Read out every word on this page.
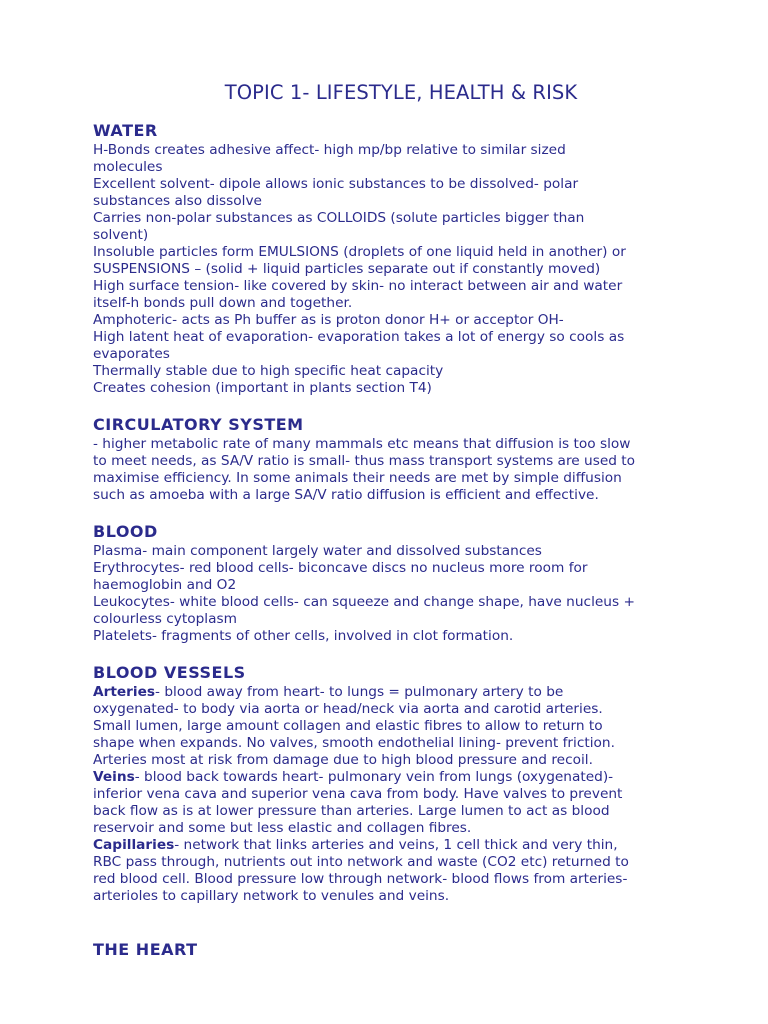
TOPIC 1- LIFESTYLE, HEALTH & RISK
WATER

H-Bonds creates adhesive affect- high mp/bp relative to similar sized

molecules

Excellent solvent- dipole allows ionic substances to be dissolved- polar

substances also dissolve

Carries non-polar substances as COLLOIDS (solute particles bigger than

solvent)

Insoluble particles form EMULSIONS (droplets of one liquid held in another) or

SUSPENSIONS – (solid + liquid particles separate out if constantly moved)

High surface tension- like covered by skin- no interact between air and water

itself-h bonds pull down and together.

Amphoteric- acts as Ph buffer as is proton donor H+ or acceptor OH-

High latent heat of evaporation- evaporation takes a lot of energy so cools as

evaporates

Thermally stable due to high specific heat capacity

Creates cohesion (important in plants section T4)

CIRCULATORY SYSTEM

- higher metabolic rate of many mammals etc means that diffusion is too slow

to meet needs, as SA/V ratio is small- thus mass transport systems are used to

maximise efficiency. In some animals their needs are met by simple diffusion

such as amoeba with a large SA/V ratio diffusion is efficient and effective.

BLOOD

Plasma- main component largely water and dissolved substances

Erythrocytes- red blood cells- biconcave discs no nucleus more room for

haemoglobin and O2

Leukocytes- white blood cells- can squeeze and change shape, have nucleus +

colourless cytoplasm

Platelets- fragments of other cells, involved in clot formation.

BLOOD VESSELS

Arteries- blood away from heart- to lungs = pulmonary artery to be

oxygenated- to body via aorta or head/neck via aorta and carotid arteries.

Small lumen, large amount collagen and elastic fibres to allow to return to

shape when expands. No valves, smooth endothelial lining- prevent friction.

Arteries most at risk from damage due to high blood pressure and recoil.

Veins- blood back towards heart- pulmonary vein from lungs (oxygenated)-

inferior vena cava and superior vena cava from body. Have valves to prevent

back flow as is at lower pressure than arteries. Large lumen to act as blood

reservoir and some but less elastic and collagen fibres.

Capillaries- network that links arteries and veins, 1 cell thick and very thin,

RBC pass through, nutrients out into network and waste (CO2 etc) returned to

red blood cell. Blood pressure low through network- blood flows from arteries-

arterioles to capillary network to venules and veins.

THE HEART
